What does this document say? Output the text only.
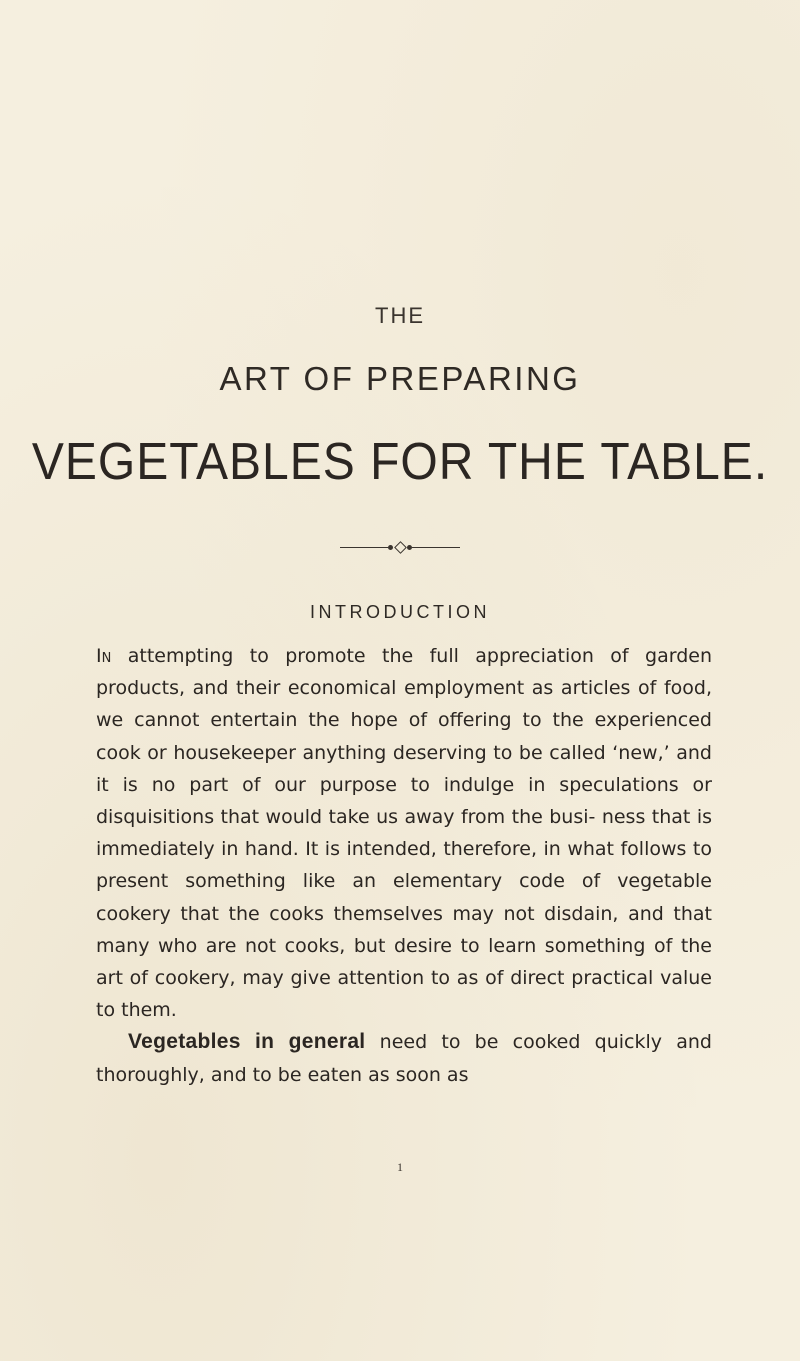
THE
ART OF PREPARING
VEGETABLES FOR THE TABLE.
INTRODUCTION

In attempting to promote the full appreciation of garden products, and their economical employment as articles of food, we cannot entertain the hope of offering to the experienced cook or housekeeper anything deserving to be called ‘new,’ and it is no part of our purpose to indulge in speculations or disquisitions that would take us away from the busi- ness that is immediately in hand. It is intended, therefore, in what follows to present something like an elementary code of vegetable cookery that the cooks themselves may not disdain, and that many who are not cooks, but desire to learn something of the art of cookery, may give attention to as of direct practical value to them.

Vegetables in general need to be cooked quickly and thoroughly, and to be eaten as soon as

1
